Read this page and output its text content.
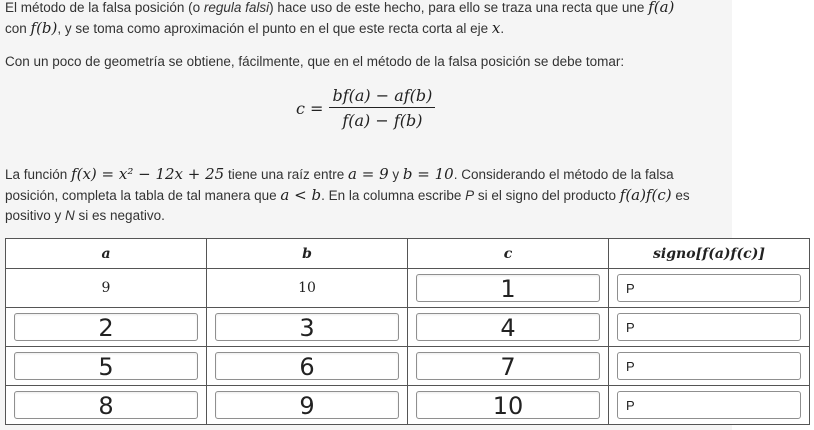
El método de la falsa posición (o regula falsi) hace uso de este hecho, para ello se traza una recta que une f(a)
con f(b), y se toma como aproximación el punto en el que este recta corta al eje x.

Con un poco de geometría se obtiene, fácilmente, que en el método de la falsa posición se debe tomar:

$c = \frac{bf(a) - af(b)}{f(a) - f(b)}$

La función f(x) = x² − 12x + 25 tiene una raíz entre a = 9 y b = 10. Considerando el método de la falsa
posición, completa la tabla de tal manera que a < b. En la columna escribe P si el signo del producto f(a)f(c) es
positivo y N si es negativo.

a	b	c	signo[f(a)f(c)]
9	10	1	P

2	3	4	P

5	6	7	P

8	9	10	P
